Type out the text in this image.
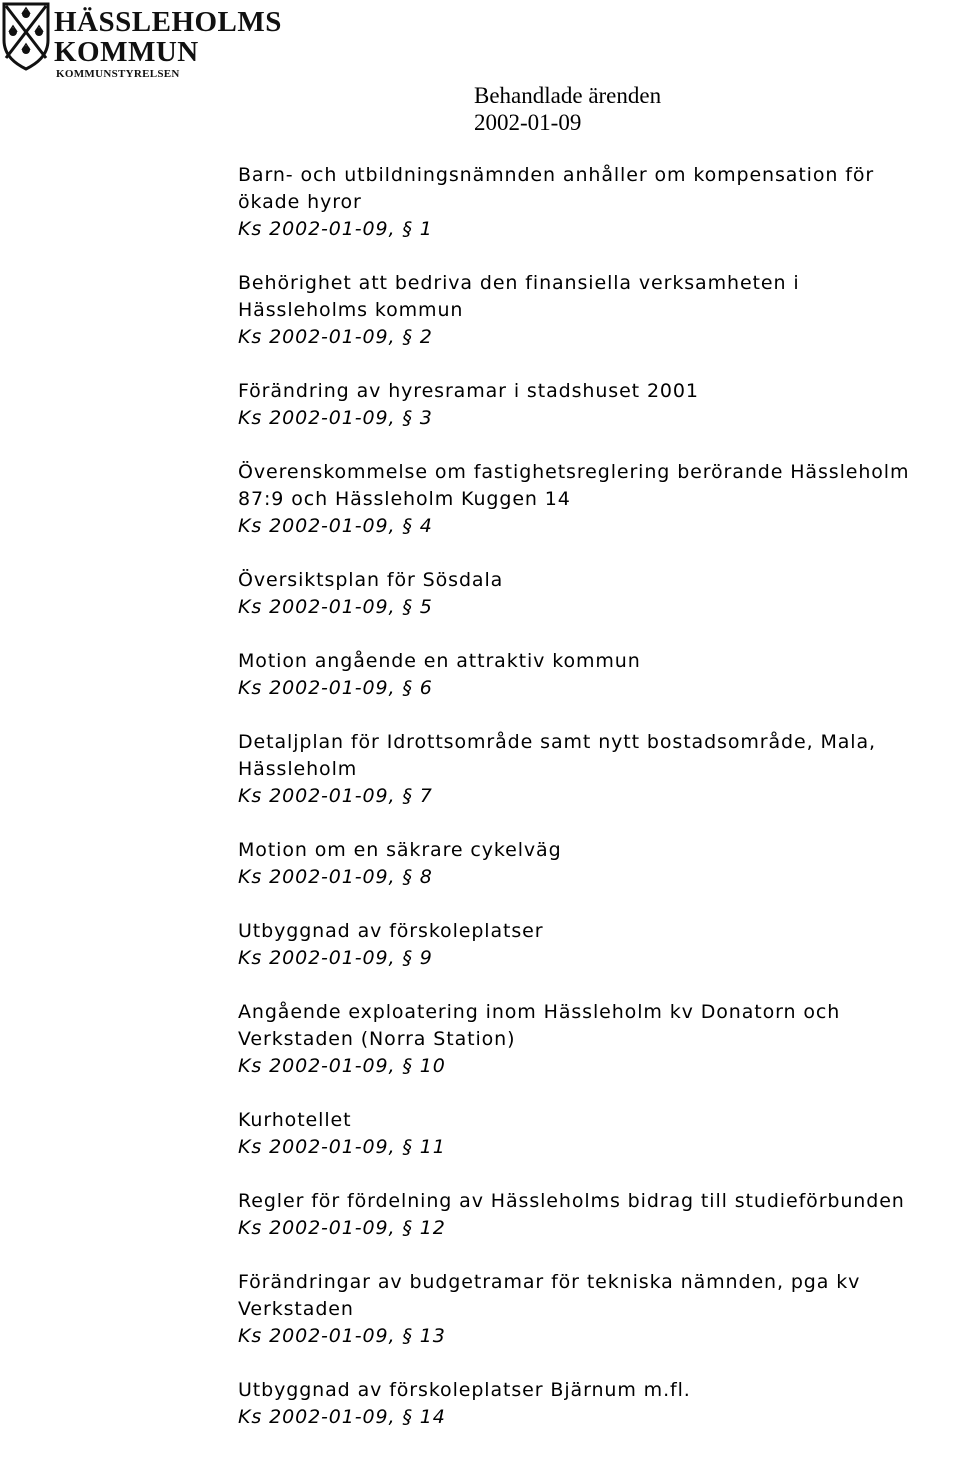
HÄSSLEHOLMS
KOMMUN
KOMMUNSTYRELSEN
Behandlade ärenden
2002-01-09
Barn- och utbildningsnämnden anhåller om kompensation för
ökade hyror
Ks 2002-01-09, § 1
Behörighet att bedriva den finansiella verksamheten i
Hässleholms kommun
Ks 2002-01-09, § 2
Förändring av hyresramar i stadshuset 2001
Ks 2002-01-09, § 3
Överenskommelse om fastighetsreglering berörande Hässleholm
87:9 och Hässleholm Kuggen 14
Ks 2002-01-09, § 4
Översiktsplan för Sösdala
Ks 2002-01-09, § 5
Motion angående en attraktiv kommun
Ks 2002-01-09, § 6
Detaljplan för Idrottsområde samt nytt bostadsområde, Mala,
Hässleholm
Ks 2002-01-09, § 7
Motion om en säkrare cykelväg
Ks 2002-01-09, § 8
Utbyggnad av förskoleplatser
Ks 2002-01-09, § 9
Angående exploatering inom Hässleholm kv Donatorn och
Verkstaden (Norra Station)
Ks 2002-01-09, § 10
Kurhotellet
Ks 2002-01-09, § 11
Regler för fördelning av Hässleholms bidrag till studieförbunden
Ks 2002-01-09, § 12
Förändringar av budgetramar för tekniska nämnden, pga kv
Verkstaden
Ks 2002-01-09, § 13
Utbyggnad av förskoleplatser Bjärnum m.fl.
Ks 2002-01-09, § 14
